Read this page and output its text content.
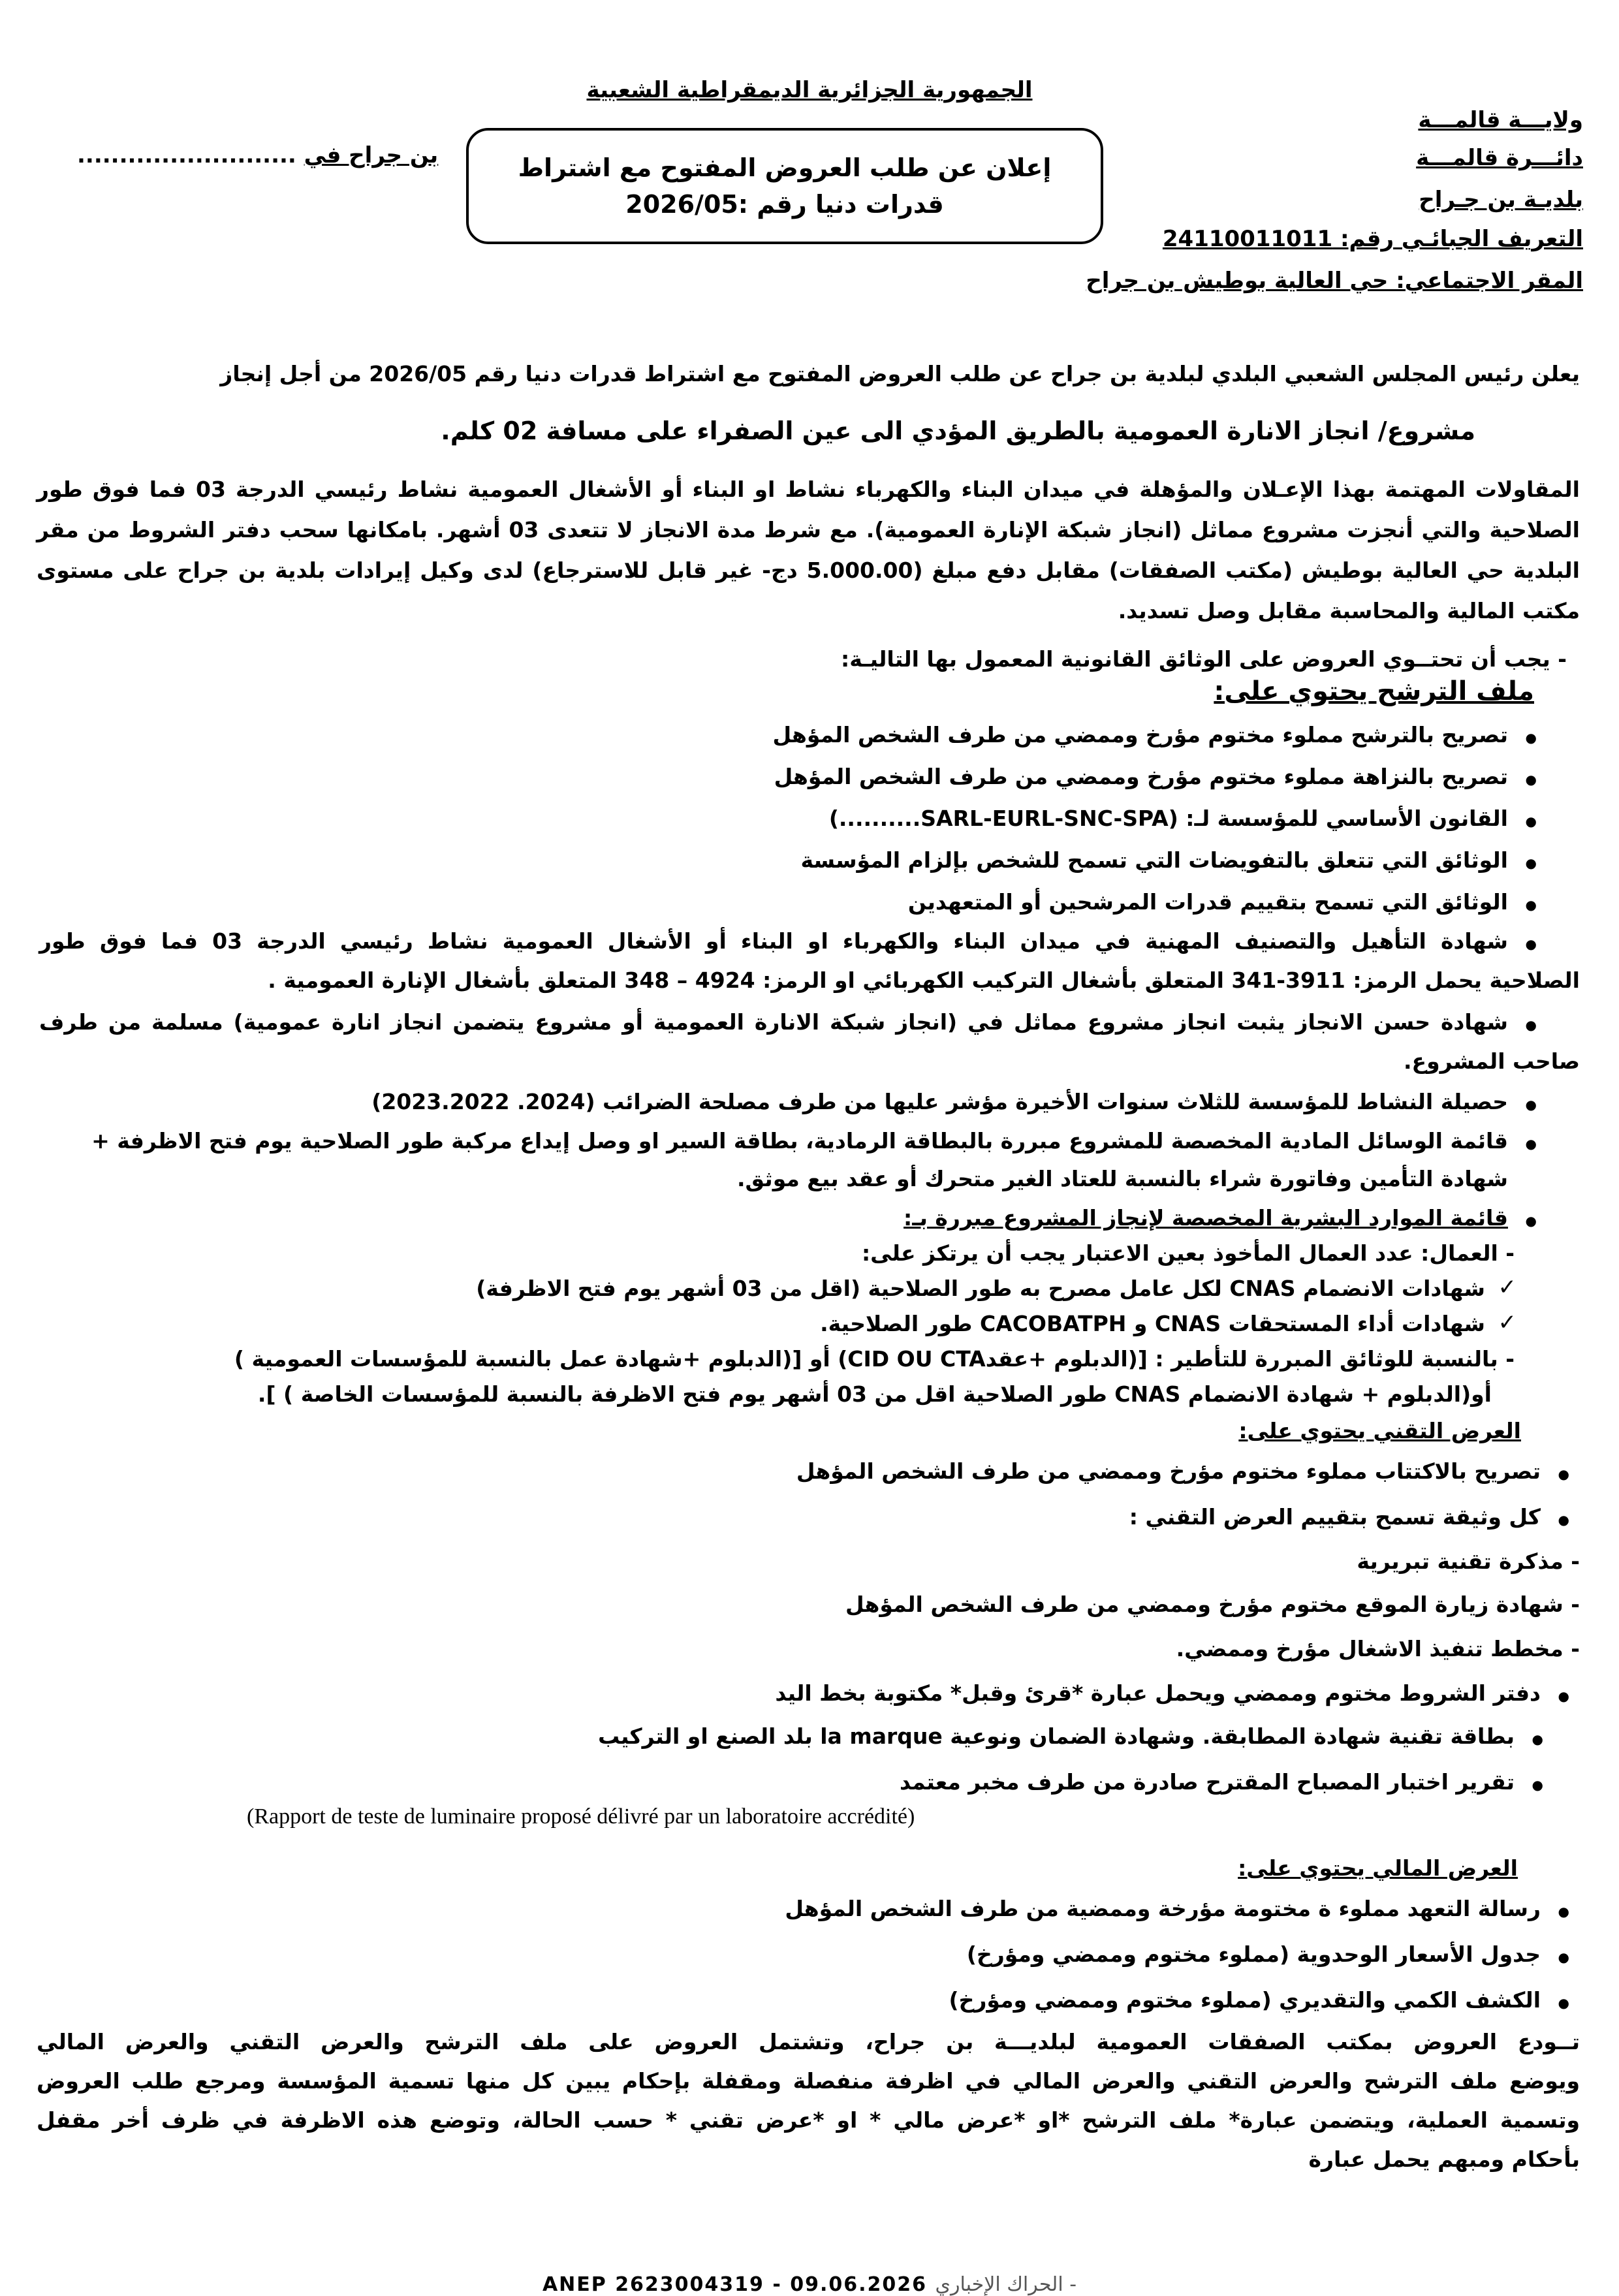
الجمهورية الجزائرية الديمقراطية الشعبية
ولايـــة قالمـــة
دائـــرة قالمـــة
بلديـة بن جـراح
التعريف الجبائـي رقم: 24110011011
المقر الاجتماعي: حي العالية بوطيش بن جراح
بن جراح في ..........................	إعلان عن طلب العروض المفتوح مع اشتراط
قدرات دنيا رقم :2026/05
يعلن رئيس المجلس الشعبي البلدي لبلدية بن جراح عن طلب العروض المفتوح مع اشتراط قدرات دنيا رقم 2026/05 من أجل إنجاز
مشروع/ انجاز الانارة العمومية بالطريق المؤدي الى عين الصفراء على مسافة 02 كلم.
المقاولات المهتمة بهذا الإعـلان والمؤهلة في ميدان البناء والكهرباء نشاط او البناء أو الأشغال العمومية نشاط رئيسي الدرجة 03 فما فوق طور
الصلاحية والتي أنجزت مشروع مماثل (انجاز شبكة الإنارة العمومية). مع شرط مدة الانجاز لا تتعدى 03 أشهر. بامكانها سحب دفتر الشروط من مقر
البلدية حي العالية بوطيش (مكتب الصفقات) مقابل دفع مبلغ (5.000.00 دج- غير قابل للاسترجاع) لدى وكيل إيرادات بلدية بن جراح على مستوى
مكتب المالية والمحاسبة مقابل وصل تسديد.
- يجب أن تحتــوي العروض على الوثائق القانونية المعمول بها التاليـة:
ملف الترشح يحتوي على:
● تصريح بالترشح مملوء مختوم مؤرخ وممضي من طرف الشخص المؤهل
● تصريح بالنزاهة مملوء مختوم مؤرخ وممضي من طرف الشخص المؤهل
● القانون الأساسي للمؤسسة لـ: (SARL-EURL-SNC-SPA..........)
● الوثائق التي تتعلق بالتفويضات التي تسمح للشخص بإلزام المؤسسة
● الوثائق التي تسمح بتقييم قدرات المرشحين أو المتعهدين
● شهادة التأهيل والتصنيف المهنية في ميدان البناء والكهرباء او البناء أو الأشغال العمومية نشاط رئيسي الدرجة 03 فما فوق طور
الصلاحية يحمل الرمز: 3911-341 المتعلق بأشغال التركيب الكهربائي او الرمز: 4924 – 348 المتعلق بأشغال الإنارة العمومية .
● شهادة حسن الانجاز يثبت انجاز مشروع مماثل في (انجاز شبكة الانارة العمومية أو مشروع يتضمن انجاز انارة عمومية) مسلمة من طرف
صاحب المشروع.
● حصيلة النشاط للمؤسسة للثلاث سنوات الأخيرة مؤشر عليها من طرف مصلحة الضرائب (2024. 2023.2022)
● قائمة الوسائل المادية المخصصة للمشروع مبررة بالبطاقة الرمادية، بطاقة السير او وصل إيداع مركبة طور الصلاحية يوم فتح الاظرفة +
شهادة التأمين وفاتورة شراء بالنسبة للعتاد الغير متحرك أو عقد بيع موثق.
● قائمة الموارد البشرية المخصصة لإنجاز المشروع مبررة بـ:
- العمال: عدد العمال المأخوذ بعين الاعتبار يجب أن يرتكز على:
✓ شهادات الانضمام CNAS لكل عامل مصرح به طور الصلاحية (اقل من 03 أشهر يوم فتح الاظرفة)
✓ شهادات أداء المستحقات CNAS و CACOBATPH طور الصلاحية.
- بالنسبة للوثائق المبررة للتأطير : [(الدبلوم +عقدCID OU CTA) أو [(الدبلوم +شهادة عمل بالنسبة للمؤسسات العمومية )
أو(الدبلوم + شهادة الانضمام CNAS طور الصلاحية اقل من 03 أشهر يوم فتح الاظرفة بالنسبة للمؤسسات الخاصة ) ].
العرض التقني يحتوي على:
● تصريح بالاكتتاب مملوء مختوم مؤرخ وممضي من طرف الشخص المؤهل
● كل وثيقة تسمح بتقييم العرض التقني :
- مذكرة تقنية تبريرية
- شهادة زيارة الموقع مختوم مؤرخ وممضي من طرف الشخص المؤهل
- مخطط تنفيذ الاشغال مؤرخ وممضي.
● دفتر الشروط مختوم وممضي ويحمل عبارة *قرئ وقبل* مكتوبة بخط اليد
● بطاقة تقنية شهادة المطابقة. وشهادة الضمان ونوعية la marque بلد الصنع او التركيب
● تقرير اختبار المصباح المقترح صادرة من طرف مخبر معتمد
(Rapport de teste de luminaire proposé délivré par un laboratoire accrédité)
العرض المالي يحتوي على:
● رسالة التعهد مملوء ة مختومة مؤرخة وممضية من طرف الشخص المؤهل
● جدول الأسعار الوحدوية (مملوء مختوم وممضي ومؤرخ)
● الكشف الكمي والتقديري (مملوء مختوم وممضي ومؤرخ)
تــودع العروض بمكتب الصفقات العمومية لبلديـــة بن جراح، وتشتمل العروض على ملف الترشح والعرض التقني والعرض المالي
ويوضع ملف الترشح والعرض التقني والعرض المالي في اظرفة منفصلة ومقفلة بإحكام يبين كل منها تسمية المؤسسة ومرجع طلب العروض
وتسمية العملية، ويتضمن عبارة* ملف الترشح *او *عرض مالي * او *عرض تقني * حسب الحالة، وتوضع هذه الاظرفة في ظرف أخر مقفل
بأحكام ومبهم يحمل عبارة
ANEP 2623004319 - 09.06.2026 الحراك الإخباري -
